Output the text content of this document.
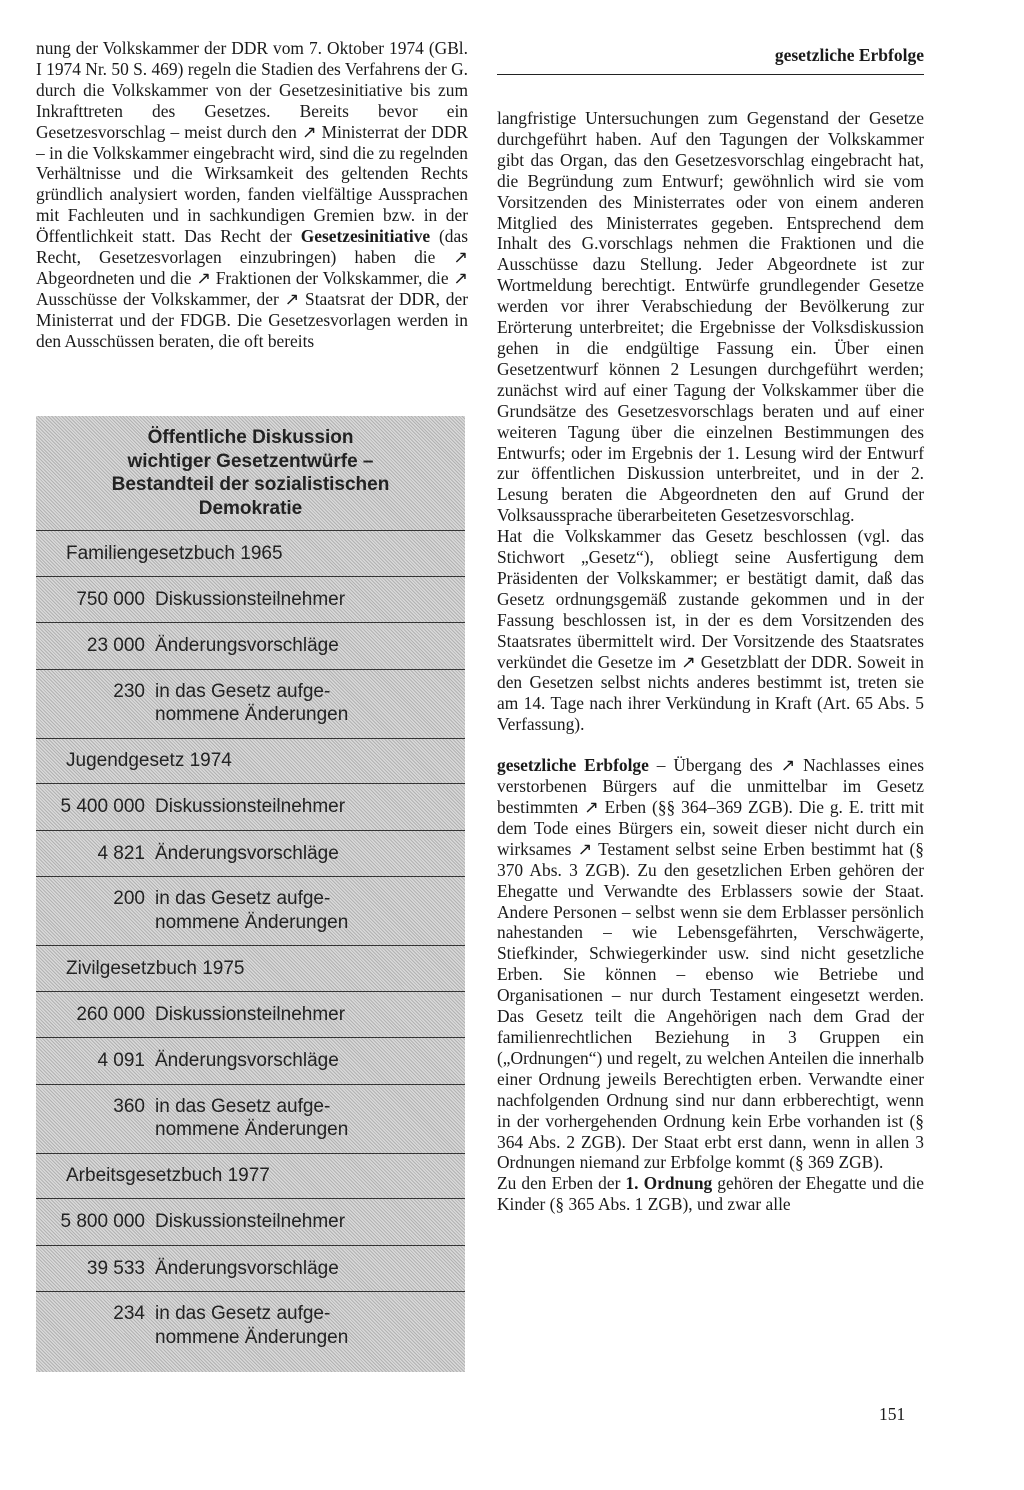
gesetzliche Erbfolge

nung der Volkskammer der DDR vom 7. Oktober 1974 (GBl. I 1974 Nr. 50 S. 469) regeln die Stadien des Verfahrens der G. durch die Volkskammer von der Gesetzesinitiative bis zum Inkrafttreten des Gesetzes. Bereits bevor ein Gesetzesvorschlag – meist durch den ↗ Ministerrat der DDR – in die Volkskammer eingebracht wird, sind die zu regelnden Verhältnisse und die Wirksamkeit des geltenden Rechts gründlich analysiert worden, fanden vielfältige Aussprachen mit Fachleuten und in sachkundigen Gremien bzw. in der Öffentlichkeit statt. Das Recht der Gesetzesinitiative (das Recht, Gesetzesvorlagen einzubringen) haben die ↗ Abgeordneten und die ↗ Fraktionen der Volkskammer, die ↗ Ausschüsse der Volkskammer, der ↗ Staatsrat der DDR, der Ministerrat und der FDGB. Die Gesetzesvorlagen werden in den Ausschüssen beraten, die oft bereits

Öffentliche Diskussion
wichtiger Gesetzentwürfe –
Bestandteil der sozialistischen
Demokratie
Familiengesetzbuch 1965
750 000 Diskussionsteilnehmer
23 000 Änderungsvorschläge
230 in das Gesetz aufge-
nommene Änderungen
Jugendgesetz 1974
5 400 000 Diskussionsteilnehmer
4 821 Änderungsvorschläge
200 in das Gesetz aufge-
nommene Änderungen
Zivilgesetzbuch 1975
260 000 Diskussionsteilnehmer
4 091 Änderungsvorschläge
360 in das Gesetz aufge-
nommene Änderungen
Arbeitsgesetzbuch 1977
5 800 000 Diskussionsteilnehmer
39 533 Änderungsvorschläge
234 in das Gesetz aufge-
nommene Änderungen

langfristige Untersuchungen zum Gegenstand der Gesetze durchgeführt haben. Auf den Tagungen der Volkskammer gibt das Organ, das den Gesetzesvorschlag eingebracht hat, die Begründung zum Entwurf; gewöhnlich wird sie vom Vorsitzenden des Ministerrates oder von einem anderen Mitglied des Ministerrates gegeben. Entsprechend dem Inhalt des G.vorschlags nehmen die Fraktionen und die Ausschüsse dazu Stellung. Jeder Abgeordnete ist zur Wortmeldung berechtigt. Entwürfe grundlegender Gesetze werden vor ihrer Verabschiedung der Bevölkerung zur Erörterung unterbreitet; die Ergebnisse der Volksdiskussion gehen in die endgültige Fassung ein. Über einen Gesetzentwurf können 2 Lesungen durchgeführt werden; zunächst wird auf einer Tagung der Volkskammer über die Grundsätze des Gesetzesvorschlags beraten und auf einer weiteren Tagung über die einzelnen Bestimmungen des Entwurfs; oder im Ergebnis der 1. Lesung wird der Entwurf zur öffentlichen Diskussion unterbreitet, und in der 2. Lesung beraten die Abgeordneten den auf Grund der Volksaussprache überarbeiteten Gesetzesvorschlag.

Hat die Volkskammer das Gesetz beschlossen (vgl. das Stichwort „Gesetz“), obliegt seine Ausfertigung dem Präsidenten der Volkskammer; er bestätigt damit, daß das Gesetz ordnungsgemäß zustande gekommen und in der Fassung beschlossen ist, in der es dem Vorsitzenden des Staatsrates übermittelt wird. Der Vorsitzende des Staatsrates verkündet die Gesetze im ↗ Gesetzblatt der DDR. Soweit in den Gesetzen selbst nichts anderes bestimmt ist, treten sie am 14. Tage nach ihrer Verkündung in Kraft (Art. 65 Abs. 5 Verfassung).

gesetzliche Erbfolge – Übergang des ↗ Nachlasses eines verstorbenen Bürgers auf die unmittelbar im Gesetz bestimmten ↗ Erben (§§ 364–369 ZGB). Die g. E. tritt mit dem Tode eines Bürgers ein, soweit dieser nicht durch ein wirksames ↗ Testament selbst seine Erben bestimmt hat (§ 370 Abs. 3 ZGB). Zu den gesetzlichen Erben gehören der Ehegatte und Verwandte des Erblassers sowie der Staat. Andere Personen – selbst wenn sie dem Erblasser persönlich nahestanden – wie Lebensgefährten, Verschwägerte, Stiefkinder, Schwiegerkinder usw. sind nicht gesetzliche Erben. Sie können – ebenso wie Betriebe und Organisationen – nur durch Testament eingesetzt werden. Das Gesetz teilt die Angehörigen nach dem Grad der familienrechtlichen Beziehung in 3 Gruppen ein („Ordnungen“) und regelt, zu welchen Anteilen die innerhalb einer Ordnung jeweils Berechtigten erben. Verwandte einer nachfolgenden Ordnung sind nur dann erbberechtigt, wenn in der vorhergehenden Ordnung kein Erbe vorhanden ist (§ 364 Abs. 2 ZGB). Der Staat erbt erst dann, wenn in allen 3 Ordnungen niemand zur Erbfolge kommt (§ 369 ZGB).

Zu den Erben der 1. Ordnung gehören der Ehegatte und die Kinder (§ 365 Abs. 1 ZGB), und zwar alle

151
